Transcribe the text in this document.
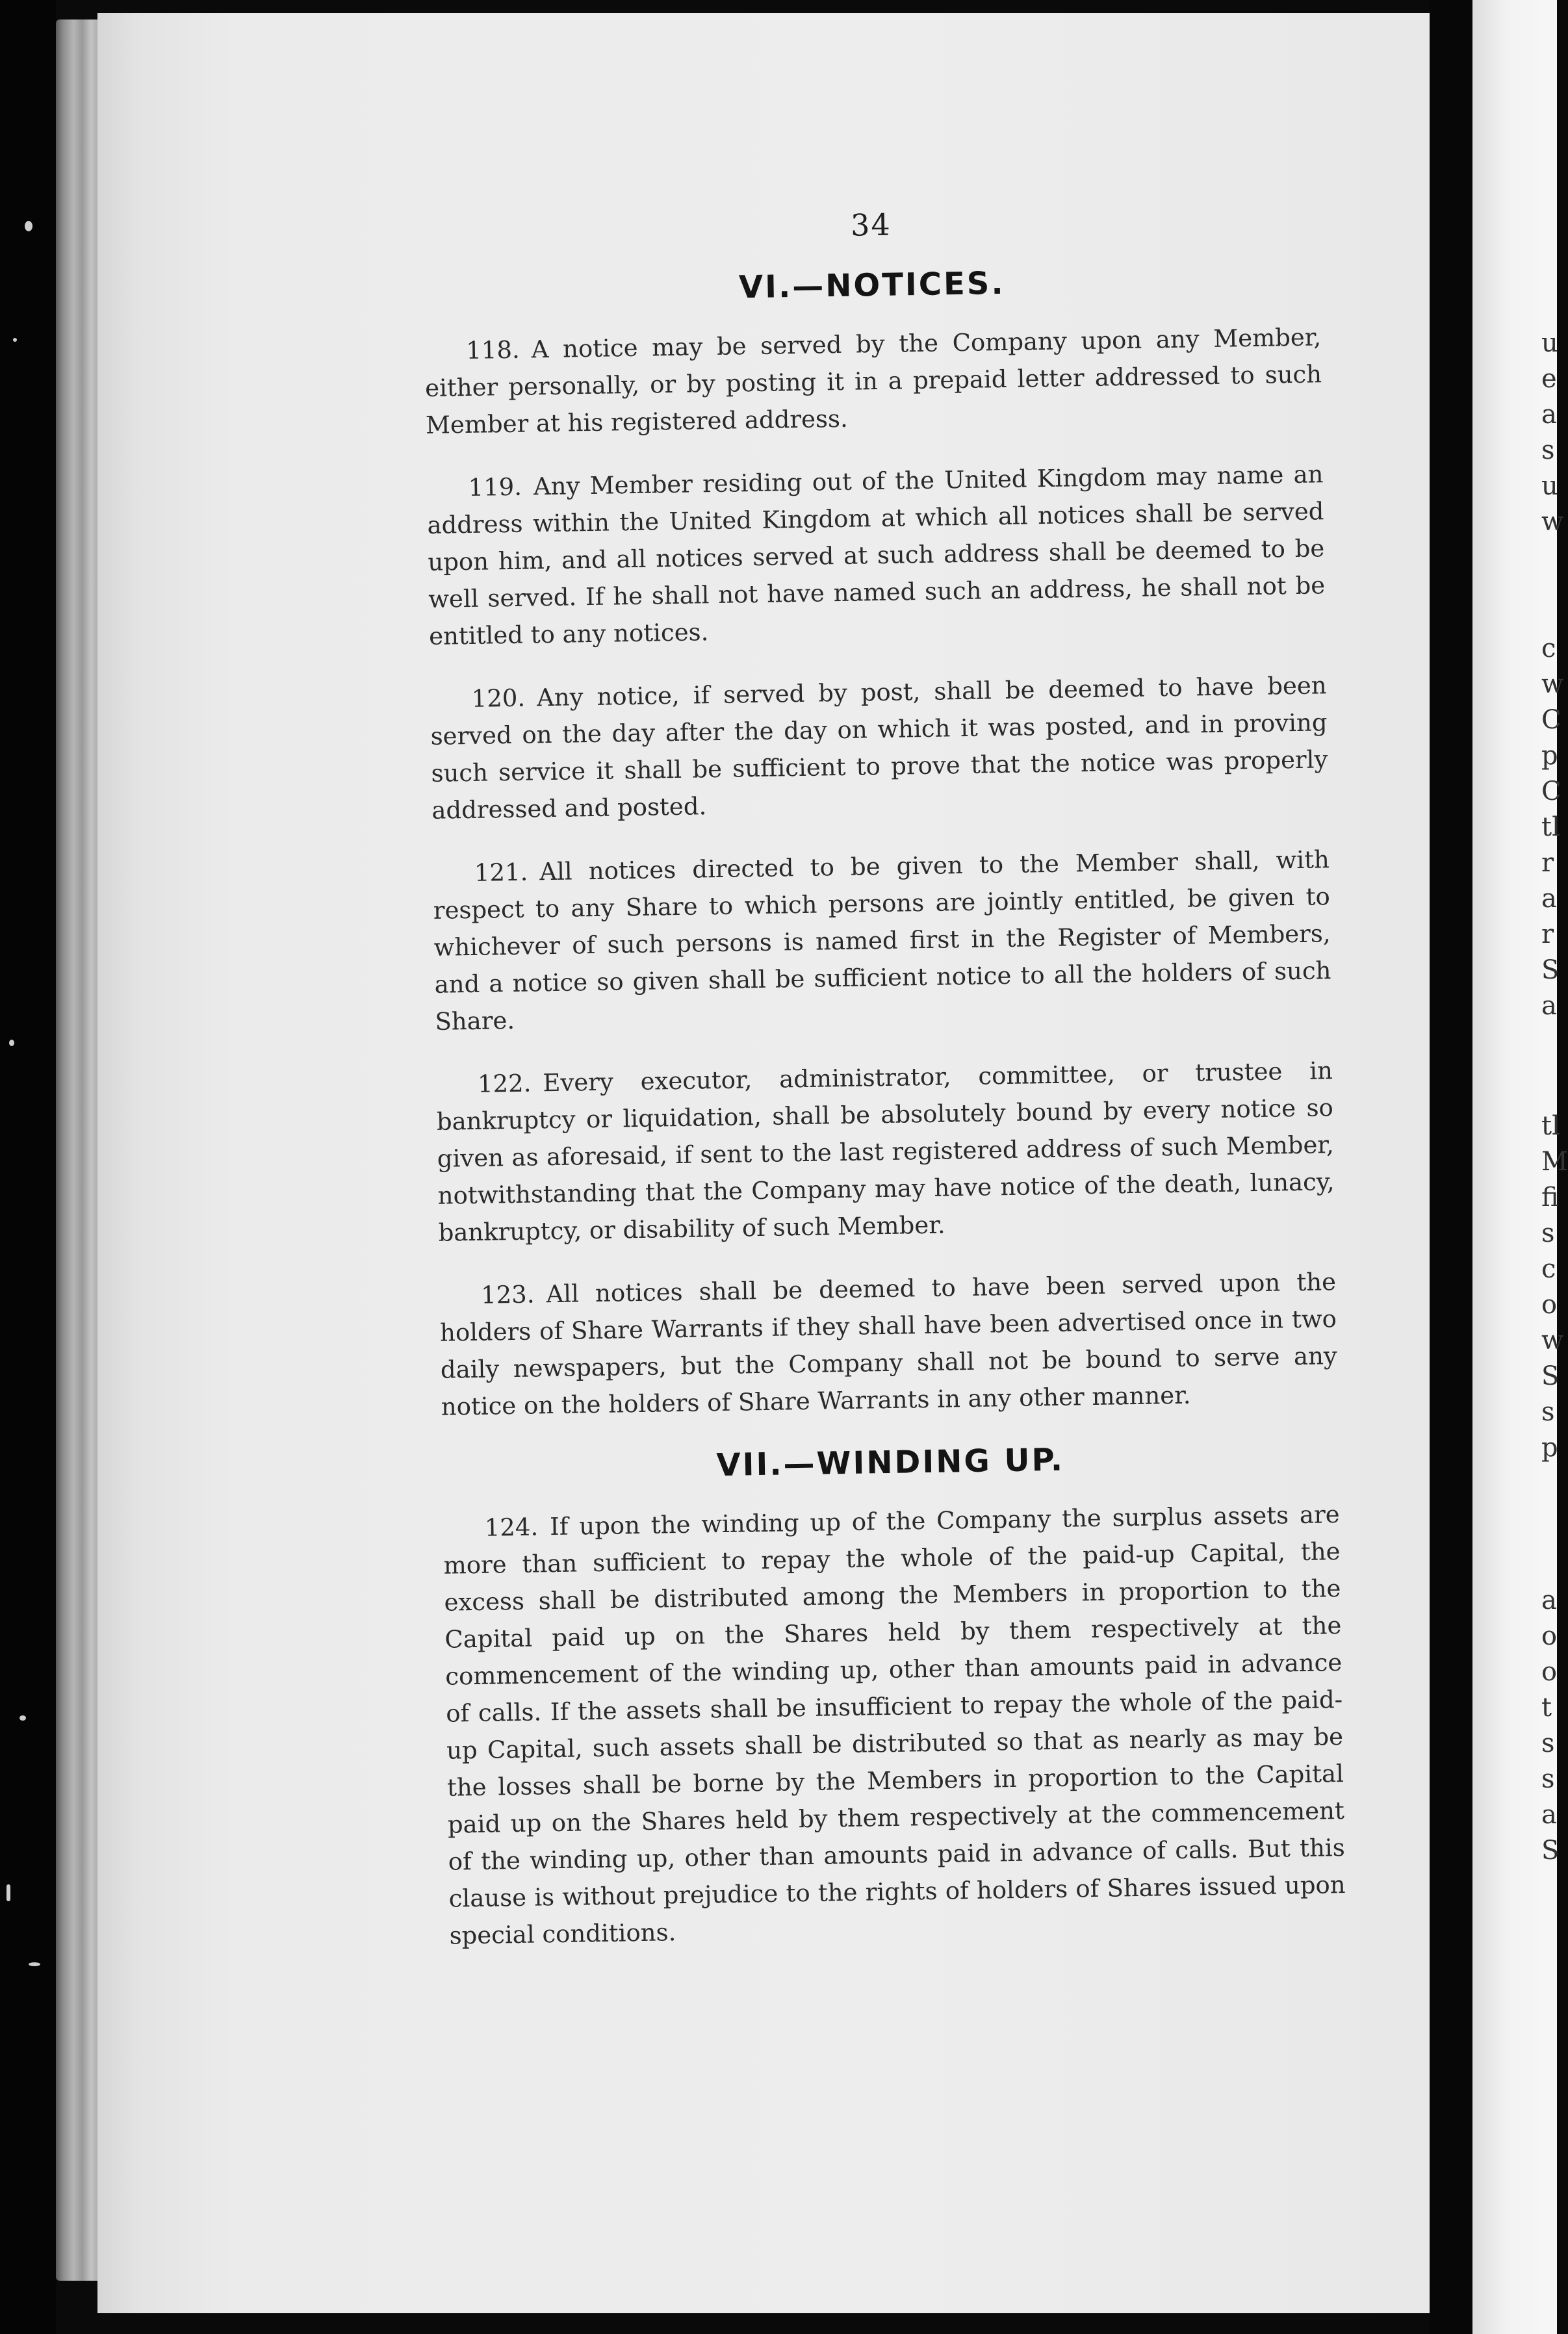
u
e
a
s
u
w
c
w
C
p
C
tl
r
a
r
S
a
tl
M
fi
s
c
o
w
S
s
p
a
o
o
t
s
s
a
S
34
VI.—NOTICES.

118. A notice may be served by the Company upon any Member, either personally, or by posting it in a prepaid letter addressed to such Member at his registered address.

119. Any Member residing out of the United Kingdom may name an address within the United Kingdom at which all notices shall be served upon him, and all notices served at such address shall be deemed to be well served. If he shall not have named such an address, he shall not be entitled to any notices.

120. Any notice, if served by post, shall be deemed to have been served on the day after the day on which it was posted, and in proving such service it shall be sufficient to prove that the notice was properly addressed and posted.

121. All notices directed to be given to the Member shall, with respect to any Share to which persons are jointly entitled, be given to whichever of such persons is named first in the Register of Members, and a notice so given shall be sufficient notice to all the holders of such Share.

122. Every executor, administrator, committee, or trustee in bankruptcy or liquidation, shall be absolutely bound by every notice so given as aforesaid, if sent to the last registered address of such Member, notwithstanding that the Company may have notice of the death, lunacy, bankruptcy, or disability of such Member.

123. All notices shall be deemed to have been served upon the holders of Share Warrants if they shall have been advertised once in two daily newspapers, but the Company shall not be bound to serve any notice on the holders of Share Warrants in any other manner.

VII.—WINDING UP.

124. If upon the winding up of the Company the surplus assets are more than sufficient to repay the whole of the paid-up Capital, the excess shall be distributed among the Members in proportion to the Capital paid up on the Shares held by them respectively at the commencement of the winding up, other than amounts paid in advance of calls. If the assets shall be insufficient to repay the whole of the paid-up Capital, such assets shall be distributed so that as nearly as may be the losses shall be borne by the Members in proportion to the Capital paid up on the Shares held by them respectively at the commencement of the winding up, other than amounts paid in advance of calls. But this clause is without prejudice to the rights of holders of Shares issued upon special conditions.
